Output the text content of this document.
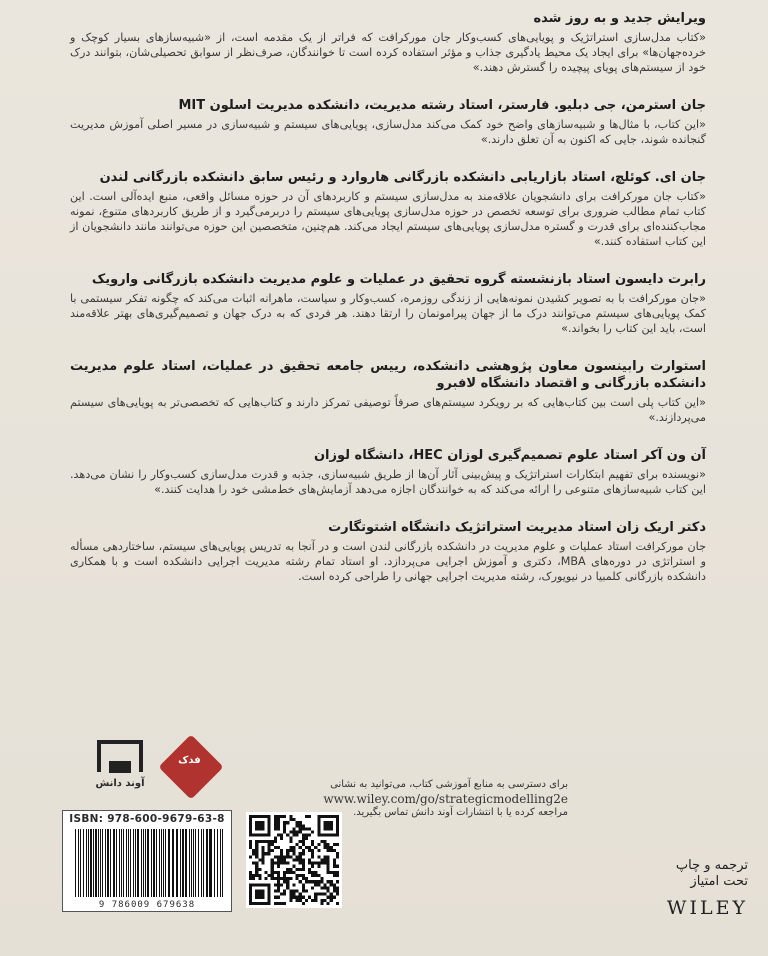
ویرایش جدید و به روز شده

«کتاب مدل‌سازی استراتژیک و پویایی‌های کسب‌وکار جان مورکرافت که فراتر از یک مقدمه است، از «شبیه‌سازهای بسیار کوچک و خرده‌جهان‌ها» برای ایجاد یک محیط یادگیری جذاب و مؤثر استفاده کرده است تا خوانندگان، صرف‌نظر از سوابق تحصیلی‌شان، بتوانند درک خود از سیستم‌های پویای پیچیده را گسترش دهند.»

جان استرمن، جی دبلیو. فارستر، استاد رشته مدیریت، دانشکده مدیریت اسلون MIT

«این کتاب، با مثال‌ها و شبیه‌سازهای واضح خود کمک می‌کند مدل‌سازی، پویایی‌های سیستم و شبیه‌سازی در مسیر اصلی آموزش مدیریت گنجانده شوند، جایی که اکنون به آن تعلق دارند.»

جان ای. کوئلچ، استاد بازاریابی دانشکده بازرگانی هاروارد و رئیس سابق دانشکده بازرگانی لندن

«کتاب جان مورکرافت برای دانشجویان علاقه‌مند به مدل‌سازی سیستم و کاربردهای آن در حوزه مسائل واقعی، منبع ایده‌آلی است. این کتاب تمام مطالب ضروری برای توسعه تخصص در حوزه مدل‌سازی پویایی‌های سیستم را دربرمی‌گیرد و از طریق کاربردهای متنوع، نمونه مجاب‌کننده‌ای برای قدرت و گستره مدل‌سازی پویایی‌های سیستم ایجاد می‌کند. هم‌چنین، متخصصین این حوزه می‌توانند مانند دانشجویان از این کتاب استفاده کنند.»

رابرت دایسون استاد بازنشسته گروه تحقیق در عملیات و علوم مدیریت دانشکده بازرگانی وارویک

«جان مورکرافت با به تصویر کشیدن نمونه‌هایی از زندگی روزمره، کسب‌وکار و سیاست، ماهرانه اثبات می‌کند که چگونه تفکر سیستمی با کمک پویایی‌های سیستم می‌توانند درک ما از جهان پیرامونمان را ارتقا دهند. هر فردی که به درک جهان و تصمیم‌گیری‌های بهتر علاقه‌مند است، باید این کتاب را بخواند.»

استوارت رابینسون معاون پژوهشی دانشکده، رییس جامعه تحقیق در عملیات، استاد علوم مدیریت دانشکده بازرگانی و اقتصاد دانشگاه لافبرو

«این کتاب پلی است بین کتاب‌هایی که بر رویکرد سیستم‌های صرفاً توصیفی تمرکز دارند و کتاب‌هایی که تخصصی‌تر به پویایی‌های سیستم می‌پردازند.»

آن ون آکر استاد علوم تصمیم‌گیری لوزان HEC، دانشگاه لوزان

«نویسنده برای تفهیم ابتکارات استراتژیک و پیش‌بینی آثار آن‌ها از طریق شبیه‌سازی، جذبه و قدرت مدل‌سازی کسب‌وکار را نشان می‌دهد. این کتاب شبیه‌سازهای متنوعی را ارائه می‌کند که به خوانندگان اجازه می‌دهد آزمایش‌های خط‌مشی خود را هدایت کنند.»

دکتر اریک زان استاد مدیریت استراتژیک دانشگاه اشتوتگارت

جان مورکرافت استاد عملیات و علوم مدیریت در دانشکده بازرگانی لندن است و در آنجا به تدریس پویایی‌های سیستم، ساختاردهی مسأله و استراتژی در دوره‌های MBA، دکتری و آموزش اجرایی می‌پردازد. او استاد تمام رشته مدیریت اجرایی دانشکده است و با همکاری دانشکده بازرگانی کلمبیا در نیویورک، رشته مدیریت اجرایی جهانی را طراحی کرده است.

آوند دانش
فدک
برای دسترسی به منابع آموزشی کتاب، می‌توانید به نشانی
www.wiley.com/go/strategicmodelling2e
مراجعه کرده یا با انتشارات آوند دانش تماس بگیرید.
ISBN: 978-600-9679-63-8
9 786009 679638
ترجمه و چاپ
تحت امتیاز
WILEY
